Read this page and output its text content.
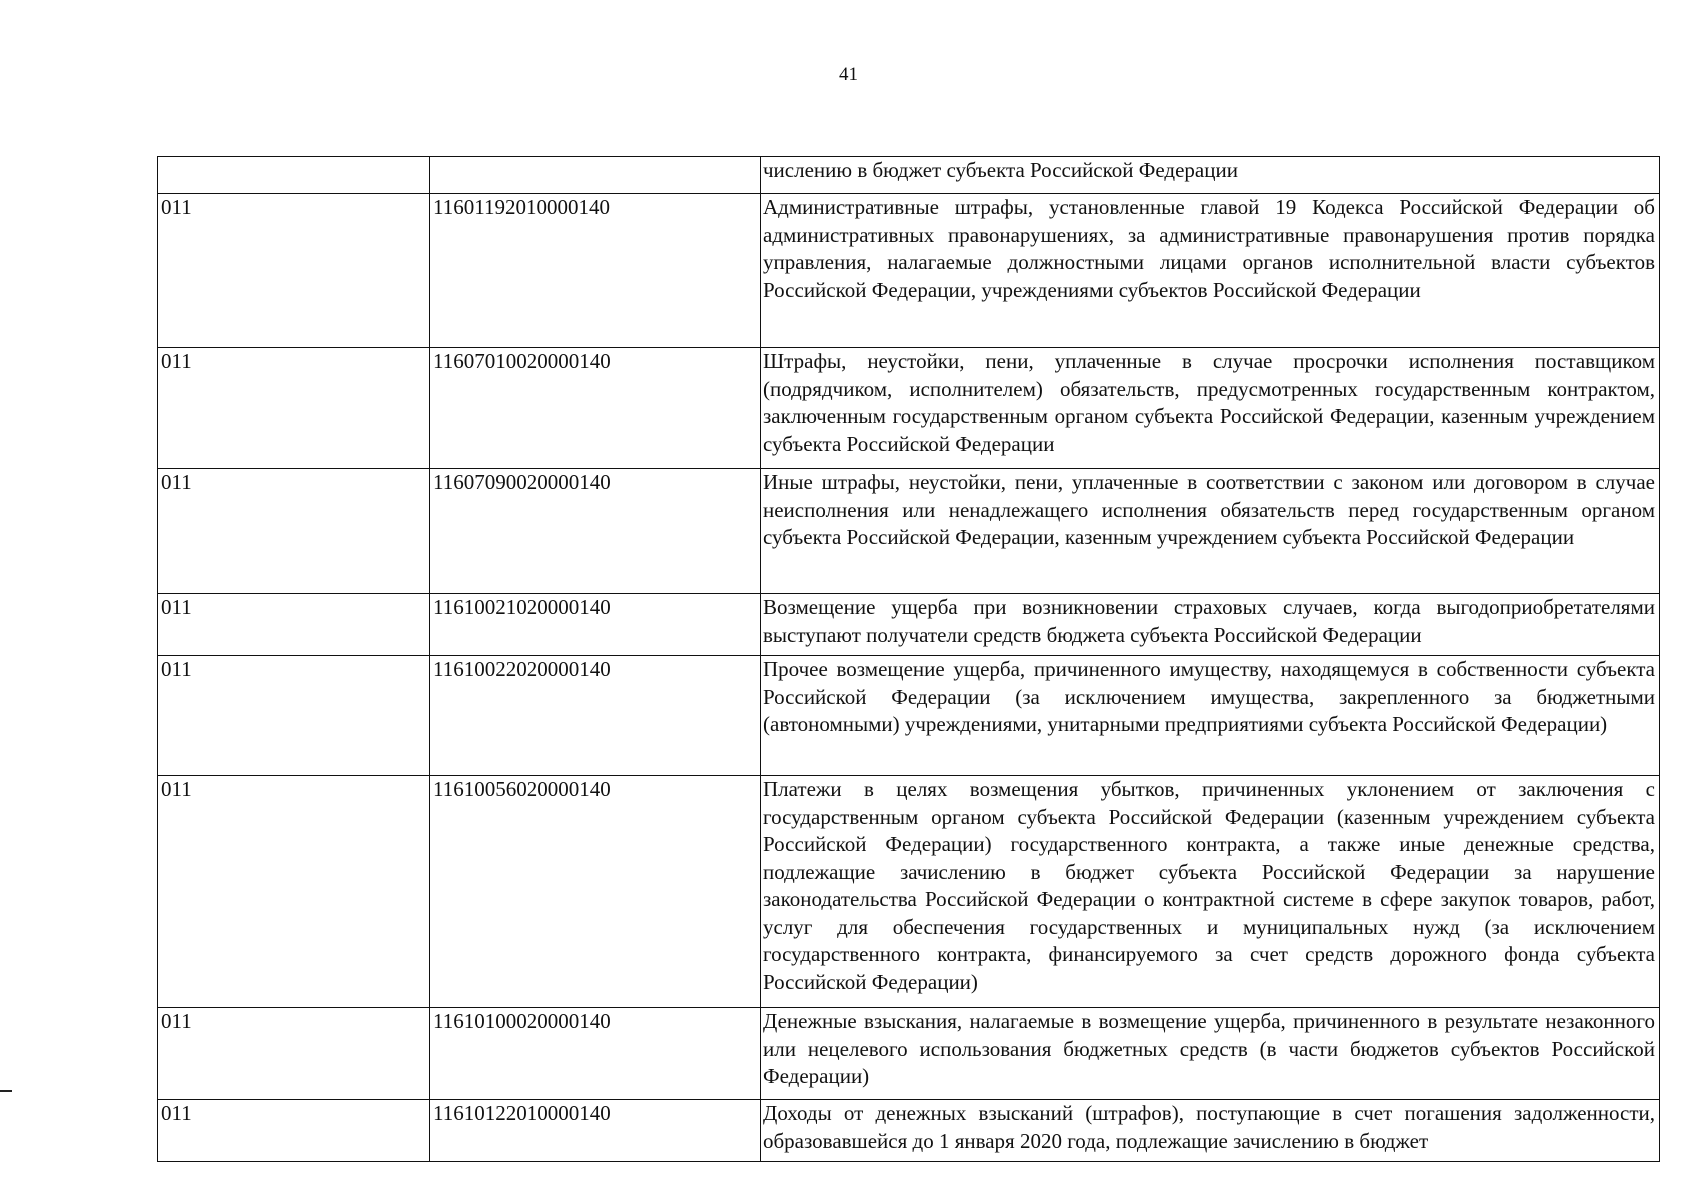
41
		числению в бюджет субъекта Российской Федерации
011	11601192010000140	Административные штрафы, установленные главой 19 Кодекса Российской Федерации об административных правонарушениях, за административные правонарушения против порядка управления, налагаемые должностными лицами органов исполнительной власти субъектов Российской Федерации, учреждениями субъектов Российской Федерации
011	11607010020000140	Штрафы, неустойки, пени, уплаченные в случае просрочки исполнения поставщиком (подрядчиком, исполнителем) обязательств, предусмотренных государственным контрактом, заключенным государственным органом субъекта Российской Федерации, казенным учреждением субъекта Российской Федерации
011	11607090020000140	Иные штрафы, неустойки, пени, уплаченные в соответствии с законом или договором в случае неисполнения или ненадлежащего исполнения обязательств перед государственным органом субъекта Российской Федерации, казенным учреждением субъекта Российской Федерации
011	11610021020000140	Возмещение ущерба при возникновении страховых случаев, когда выгодоприобретателями выступают получатели средств бюджета субъекта Российской Федерации
011	11610022020000140	Прочее возмещение ущерба, причиненного имуществу, находящемуся в собственности субъекта Российской Федерации (за исключением имущества, закрепленного за бюджетными (автономными) учреждениями, унитарными предприятиями субъекта Российской Федерации)
011	11610056020000140	Платежи в целях возмещения убытков, причиненных уклонением от заключения с государственным органом субъекта Российской Федерации (казенным учреждением субъекта Российской Федерации) государственного контракта, а также иные денежные средства, подлежащие зачислению в бюджет субъекта Российской Федерации за нарушение законодательства Российской Федерации о контрактной системе в сфере закупок товаров, работ, услуг для обеспечения государственных и муниципальных нужд (за исключением государственного контракта, финансируемого за счет средств дорожного фонда субъекта Российской Федерации)
011	11610100020000140	Денежные взыскания, налагаемые в возмещение ущерба, причиненного в результате незаконного или нецелевого использования бюджетных средств (в части бюджетов субъектов Российской Федерации)
011	11610122010000140	Доходы от денежных взысканий (штрафов), поступающие в счет погашения задолженности, образовавшейся до 1 января 2020 года, подлежащие зачислению в бюджет
